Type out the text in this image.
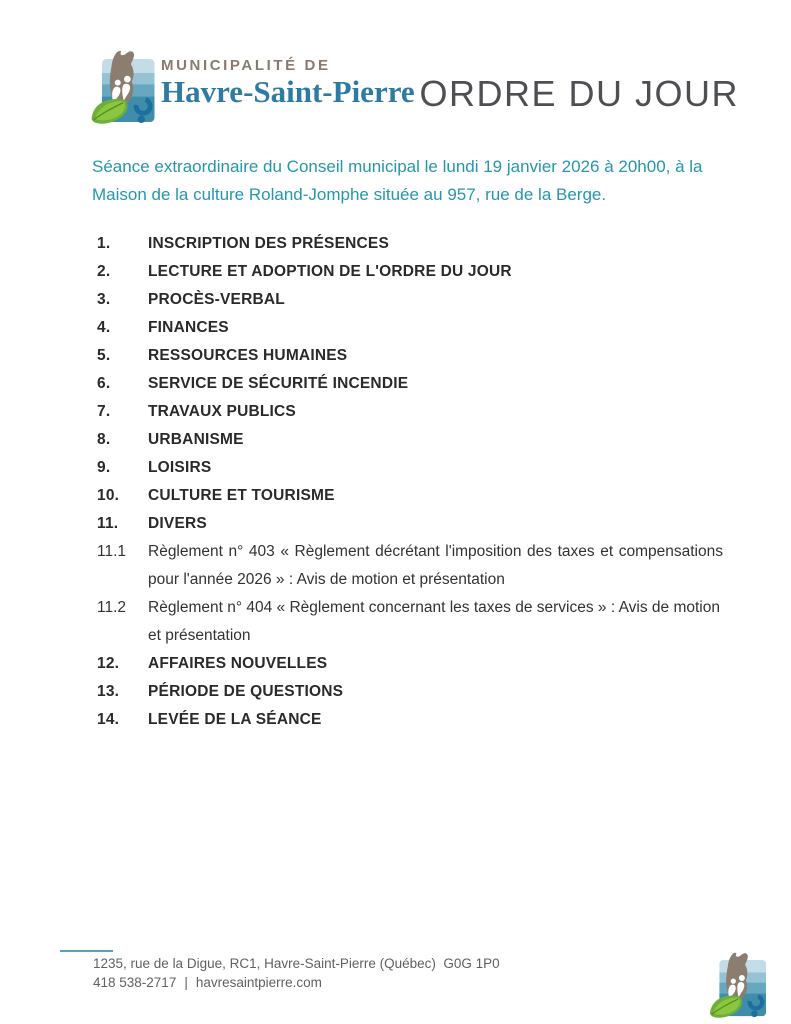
MUNICIPALITÉ DE
Havre-Saint-Pierre ORDRE DU JOUR
Séance extraordinaire du Conseil municipal le lundi 19 janvier 2026 à 20h00, à la Maison de la culture Roland-Jomphe située au 957, rue de la Berge.
1.	INSCRIPTION DES PRÉSENCES
2.	LECTURE ET ADOPTION DE L'ORDRE DU JOUR
3.	PROCÈS-VERBAL
4.	FINANCES
5.	RESSOURCES HUMAINES
6.	SERVICE DE SÉCURITÉ INCENDIE
7.	TRAVAUX PUBLICS
8.	URBANISME
9.	LOISIRS
10.	CULTURE ET TOURISME
11.	DIVERS
11.1	Règlement n° 403 « Règlement décrétant l'imposition des taxes et compensations pour l'année 2026 » : Avis de motion et présentation
11.2	Règlement n° 404 « Règlement concernant les taxes de services » : Avis de motion et présentation
12.	AFFAIRES NOUVELLES
13.	PÉRIODE DE QUESTIONS
14.	LEVÉE DE LA SÉANCE
1235, rue de la Digue, RC1, Havre-Saint-Pierre (Québec)  G0G 1P0
418 538-2717 | havresaintpierre.com
